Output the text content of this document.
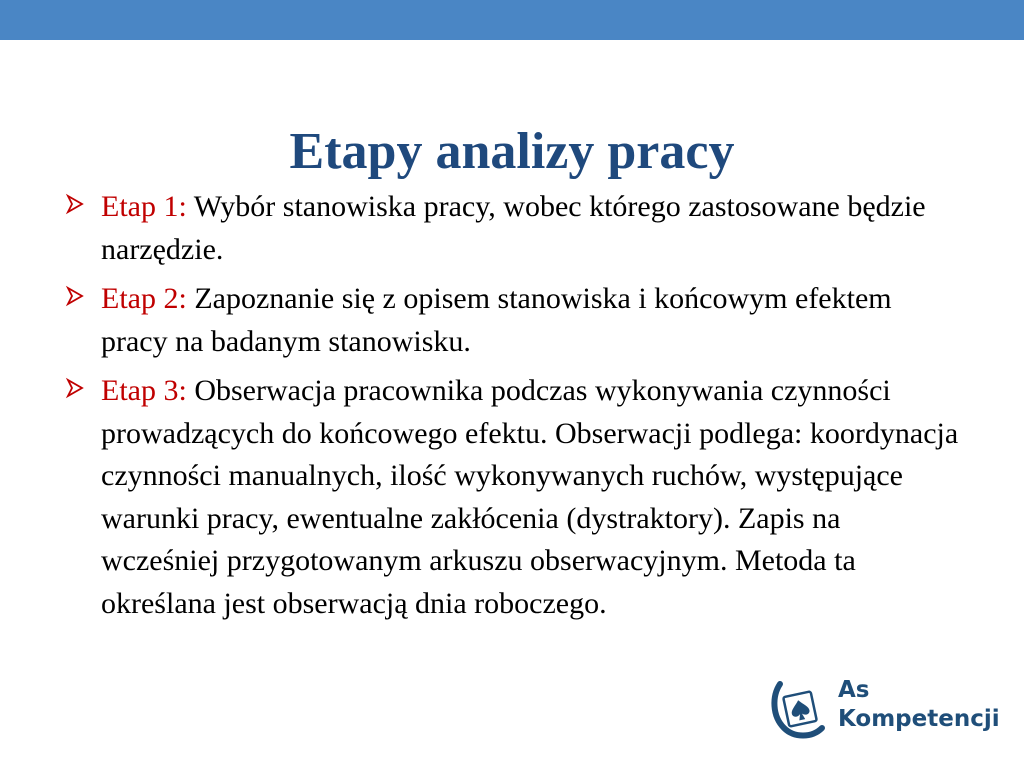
Etapy analizy pracy
Etap 1: Wybór stanowiska pracy, wobec którego zastosowane będzie narzędzie.
Etap 2: Zapoznanie się z opisem stanowiska i końcowym efektem pracy na badanym stanowisku.
Etap 3: Obserwacja pracownika podczas wykonywania czynności prowadzących do końcowego efektu. Obserwacji podlega: koordynacja czynności manualnych, ilość wykonywanych ruchów, występujące warunki pracy, ewentualne zakłócenia (dystraktory). Zapis na wcześniej przygotowanym arkuszu obserwacyjnym. Metoda ta określana jest obserwacją dnia roboczego.
As
Kompetencji
